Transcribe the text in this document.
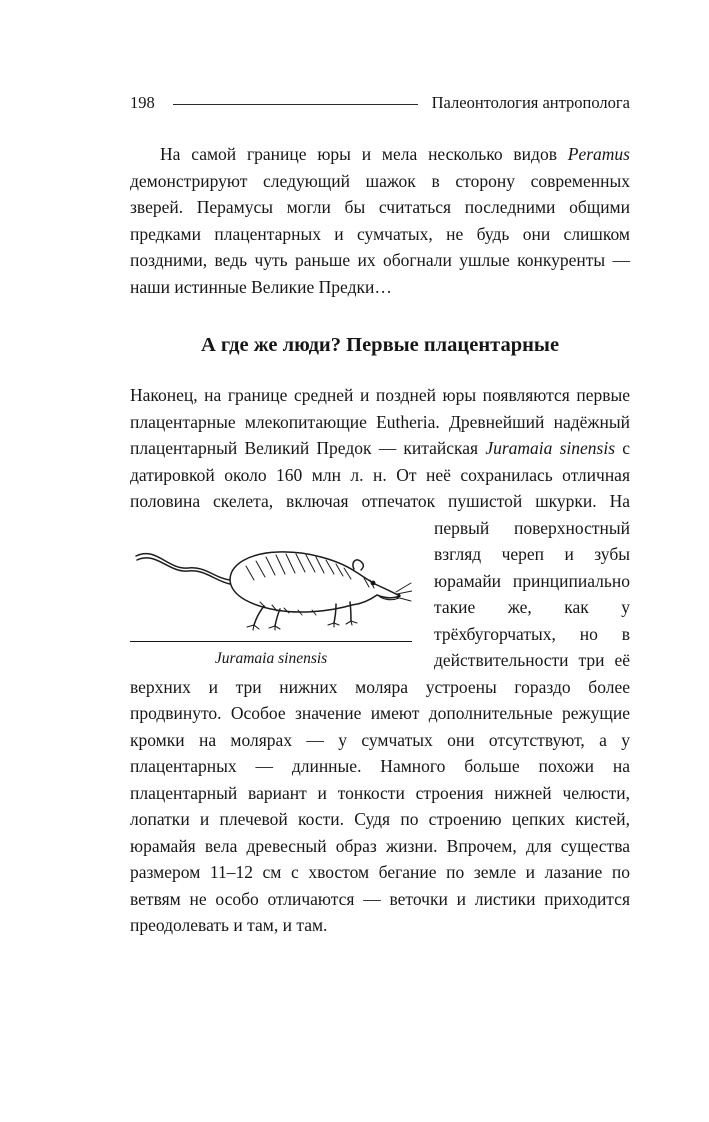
198	Палеонтология антрополога

На самой границе юры и мела несколько видов Peramus демонстрируют следующий шажок в сторону современных зверей. Перамусы могли бы считаться последними общими предками плацентарных и сумчатых, не будь они слишком поздними, ведь чуть раньше их обогнали ушлые конкуренты — наши истинные Великие Предки…

А где же люди? Первые плацентарные

Наконец, на границе средней и поздней юры появляются первые плацентарные млекопитающие Eutheria. Древнейший надёжный плацентарный Великий Предок — китайская Juramaia sinensis с датировкой около 160 млн л. н. От неё сохранилась отличная половина скелета, включая отпечаток пушистой шкурки. На первый поверхностный
Juramaia sinensis
взгляд череп и зубы юрамайи принципиально такие же, как у трёхбугорчатых, но в действительности три её верхних и три нижних моляра устроены гораздо более продвинуто. Особое значение имеют дополнительные режущие кромки на молярах — у сумчатых они отсутствуют, а у плацентарных — длинные. Намного больше похожи на плацентарный вариант и тонкости строения нижней челюсти, лопатки и плечевой кости. Судя по строению цепких кистей, юрамайя вела древесный образ жизни. Впрочем, для существа размером 11–12 см с хвостом бегание по земле и лазание по ветвям не особо отличаются — веточки и листики приходится преодолевать и там, и там.
